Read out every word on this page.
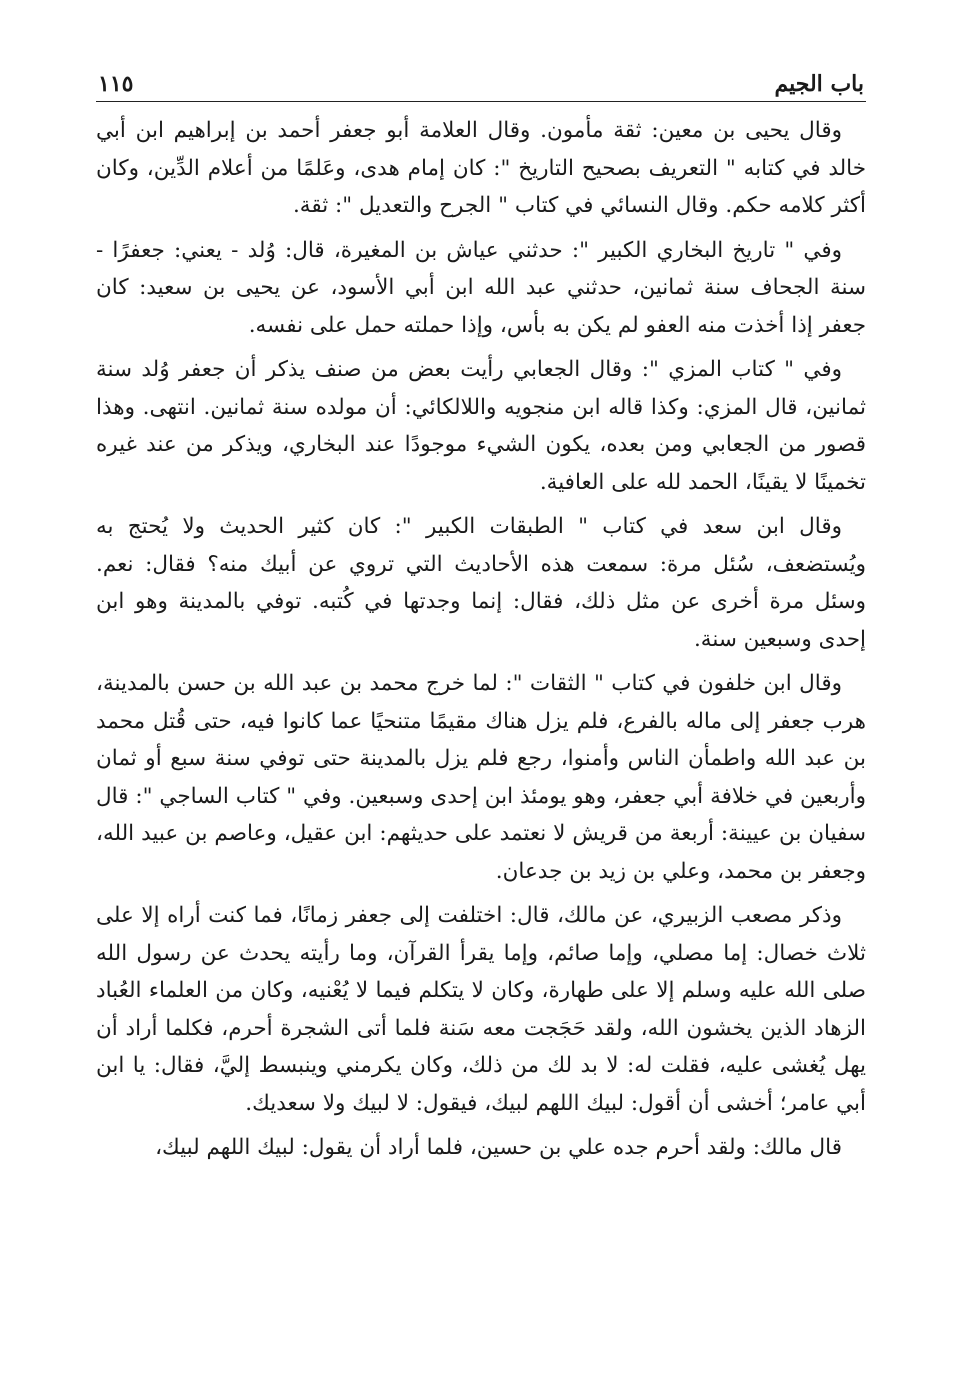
باب الجيم
١١٥

وقال يحيى بن معين: ثقة مأمون. وقال العلامة أبو جعفر أحمد بن إبراهيم ابن أبي خالد في كتابه " التعريف بصحيح التاريخ ": كان إمام هدى، وعَلمًا من أعلام الدِّين، وكان أكثر كلامه حكم. وقال النسائي في كتاب " الجرح والتعديل ": ثقة.

وفي " تاريخ البخاري الكبير ": حدثني عياش بن المغيرة، قال: وُلد - يعني: جعفرًا - سنة الجحاف سنة ثمانين، حدثني عبد الله ابن أبي الأسود، عن يحيى بن سعيد: كان جعفر إذا أخذت منه العفو لم يكن به بأس، وإذا حملته حمل على نفسه.

وفي " كتاب المزي ": وقال الجعابي رأيت بعض من صنف يذكر أن جعفر وُلد سنة ثمانين، قال المزي: وكذا قاله ابن منجويه واللالكائي: أن مولده سنة ثمانين. انتهى. وهذا قصور من الجعابي ومن بعده، يكون الشيء موجودًا عند البخاري، ويذكر من عند غيره تخمينًا لا يقينًا، الحمد لله على العافية.

وقال ابن سعد في كتاب " الطبقات الكبير ": كان كثير الحديث ولا يُحتج به ويُستضعف، سُئل مرة: سمعت هذه الأحاديث التي تروي عن أبيك منه؟ فقال: نعم. وسئل مرة أخرى عن مثل ذلك، فقال: إنما وجدتها في كُتبه. توفي بالمدينة وهو ابن إحدى وسبعين سنة.

وقال ابن خلفون في كتاب " الثقات ": لما خرج محمد بن عبد الله بن حسن بالمدينة، هرب جعفر إلى ماله بالفرع، فلم يزل هناك مقيمًا متنحيًا عما كانوا فيه، حتى قُتل محمد بن عبد الله واطمأن الناس وأمنوا، رجع فلم يزل بالمدينة حتى توفي سنة سبع أو ثمان وأربعين في خلافة أبي جعفر، وهو يومئذ ابن إحدى وسبعين. وفي " كتاب الساجي ": قال سفيان بن عيينة: أربعة من قريش لا نعتمد على حديثهم: ابن عقيل، وعاصم بن عبيد الله، وجعفر بن محمد، وعلي بن زيد بن جدعان.

وذكر مصعب الزبيري، عن مالك، قال: اختلفت إلى جعفر زمانًا، فما كنت أراه إلا على ثلاث خصال: إما مصلي، وإما صائم، وإما يقرأ القرآن، وما رأيته يحدث عن رسول الله صلى الله عليه وسلم إلا على طهارة، وكان لا يتكلم فيما لا يُعْنيه، وكان من العلماء العُباد الزهاد الذين يخشون الله، ولقد حَجَجت معه سَنة فلما أتى الشجرة أحرم، فكلما أراد أن يهل يُغشى عليه، فقلت له: لا بد لك من ذلك، وكان يكرمني وينبسط إليَّ، فقال: يا ابن أبي عامر؛ أخشى أن أقول: لبيك اللهم لبيك، فيقول: لا لبيك ولا سعديك.

قال مالك: ولقد أحرم جده علي بن حسين، فلما أراد أن يقول: لبيك اللهم لبيك،
